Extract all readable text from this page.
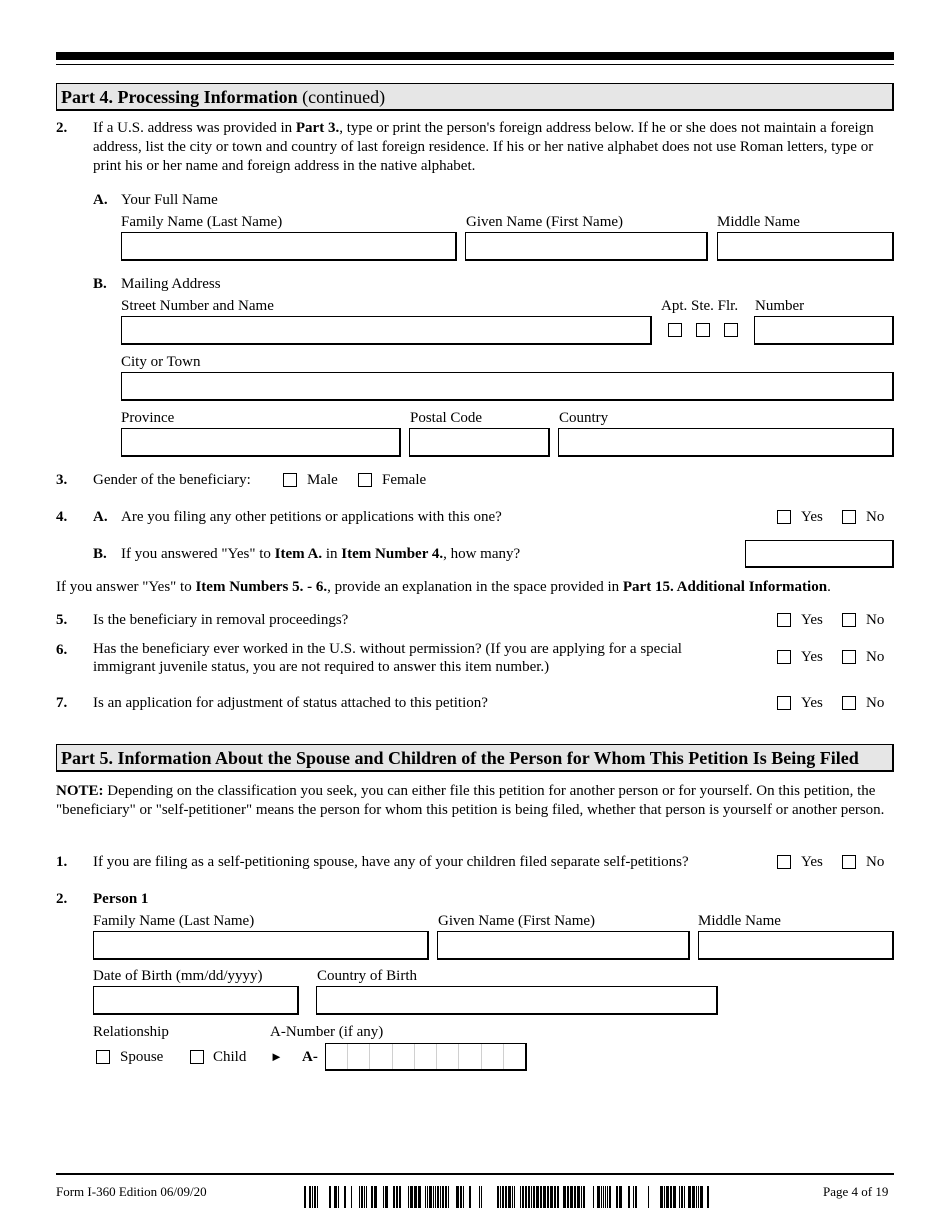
Part 4. Processing Information (continued)
2. If a U.S. address was provided in Part 3., type or print the person's foreign address below. If he or she does not maintain a foreign address, list the city or town and country of last foreign residence. If his or her native alphabet does not use Roman letters, type or print his or her name and foreign address in the native alphabet.
A. Your Full Name
Family Name (Last Name)	Given Name (First Name)	Middle Name
B. Mailing Address
Street Number and Name	Apt. Ste. Flr. Number
City or Town
Province	Postal Code	Country
3. Gender of the beneficiary:	Male	Female
4. A. Are you filing any other petitions or applications with this one?	Yes	No
B. If you answered "Yes" to Item A. in Item Number 4., how many?
If you answer "Yes" to Item Numbers 5. - 6., provide an explanation in the space provided in Part 15. Additional Information.
5. Is the beneficiary in removal proceedings?	Yes	No
6. Has the beneficiary ever worked in the U.S. without permission? (If you are applying for a special immigrant juvenile status, you are not required to answer this item number.)
Yes	No
7. Is an application for adjustment of status attached to this petition?	Yes	No
Part 5. Information About the Spouse and Children of the Person for Whom This Petition Is Being Filed
NOTE: Depending on the classification you seek, you can either file this petition for another person or for yourself. On this petition, the "beneficiary" or "self-petitioner" means the person for whom this petition is being filed, whether that person is yourself or another person.
1. If you are filing as a self-petitioning spouse, have any of your children filed separate self-petitions?	Yes	No
2. Person 1
Family Name (Last Name)	Given Name (First Name)	Middle Name
Date of Birth (mm/dd/yyyy)	Country of Birth
Relationship	A-Number (if any)
Spouse	Child ► A-
Form I-360 Edition 06/09/20	Page 4 of 19
